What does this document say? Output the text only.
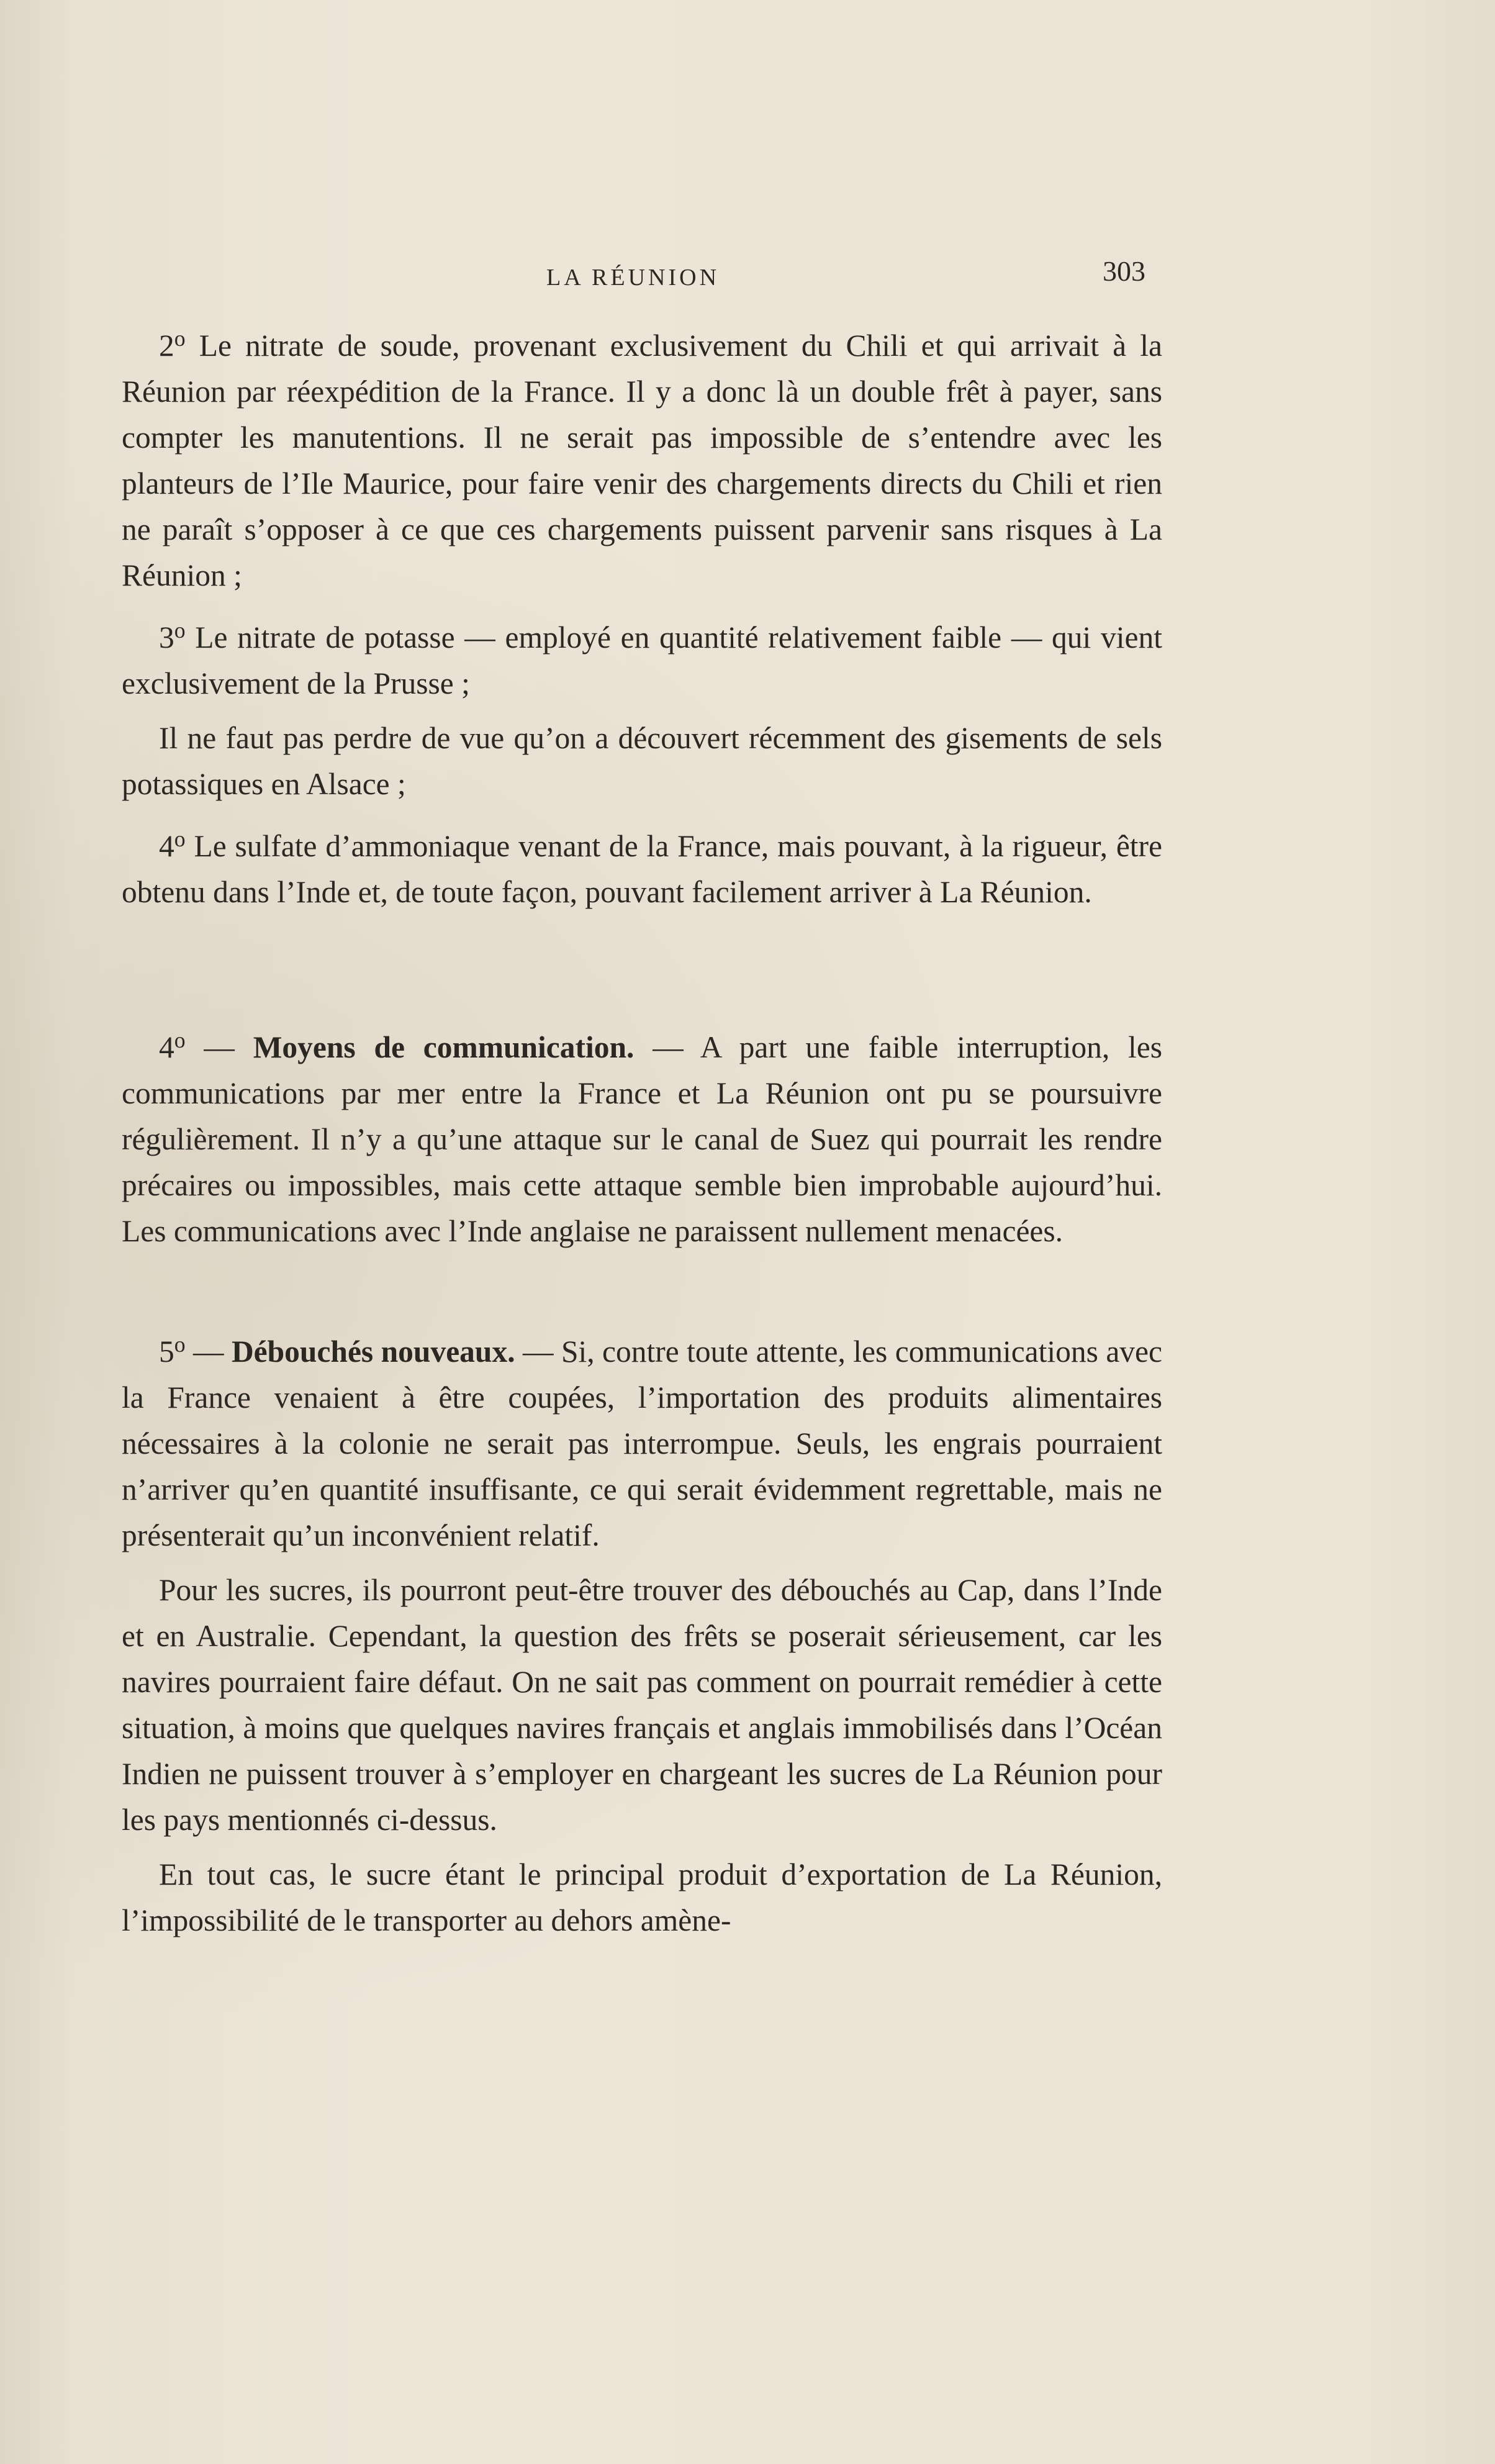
LA RÉUNION	303

2$^o$ Le nitrate de soude, provenant exclusivement du Chili et qui arrivait à la Réunion par réexpédition de la France. Il y a donc là un double frêt à payer, sans compter les manutentions. Il ne serait pas impossible de s’entendre avec les planteurs de l’Ile Maurice, pour faire venir des chargements directs du Chili et rien ne paraît s’opposer à ce que ces chargements puissent parvenir sans risques à La Réunion ;

3$^o$ Le nitrate de potasse — employé en quantité relativement faible — qui vient exclusivement de la Prusse ;

Il ne faut pas perdre de vue qu’on a découvert récemment des gisements de sels potassiques en Alsace ;

4$^o$ Le sulfate d’ammoniaque venant de la France, mais pouvant, à la rigueur, être obtenu dans l’Inde et, de toute façon, pouvant facilement arriver à La Réunion.

4$^o$ — Moyens de communication. — A part une faible interruption, les communications par mer entre la France et La Réunion ont pu se poursuivre régulièrement. Il n’y a qu’une attaque sur le canal de Suez qui pourrait les rendre précaires ou impossibles, mais cette attaque semble bien improbable aujourd’hui. Les communications avec l’Inde anglaise ne paraissent nullement menacées.

5$^o$ — Débouchés nouveaux. — Si, contre toute attente, les communications avec la France venaient à être coupées, l’importation des produits alimentaires nécessaires à la colonie ne serait pas interrompue. Seuls, les engrais pourraient n’arriver qu’en quantité insuffisante, ce qui serait évidemment regrettable, mais ne présenterait qu’un inconvénient relatif.

Pour les sucres, ils pourront peut-être trouver des débouchés au Cap, dans l’Inde et en Australie. Cependant, la question des frêts se poserait sérieusement, car les navires pourraient faire défaut. On ne sait pas comment on pourrait remédier à cette situation, à moins que quelques navires français et anglais immobilisés dans l’Océan Indien ne puissent trouver à s’employer en chargeant les sucres de La Réunion pour les pays mentionnés ci-dessus.

En tout cas, le sucre étant le principal produit d’exportation de La Réunion, l’impossibilité de le transporter au dehors amène-
